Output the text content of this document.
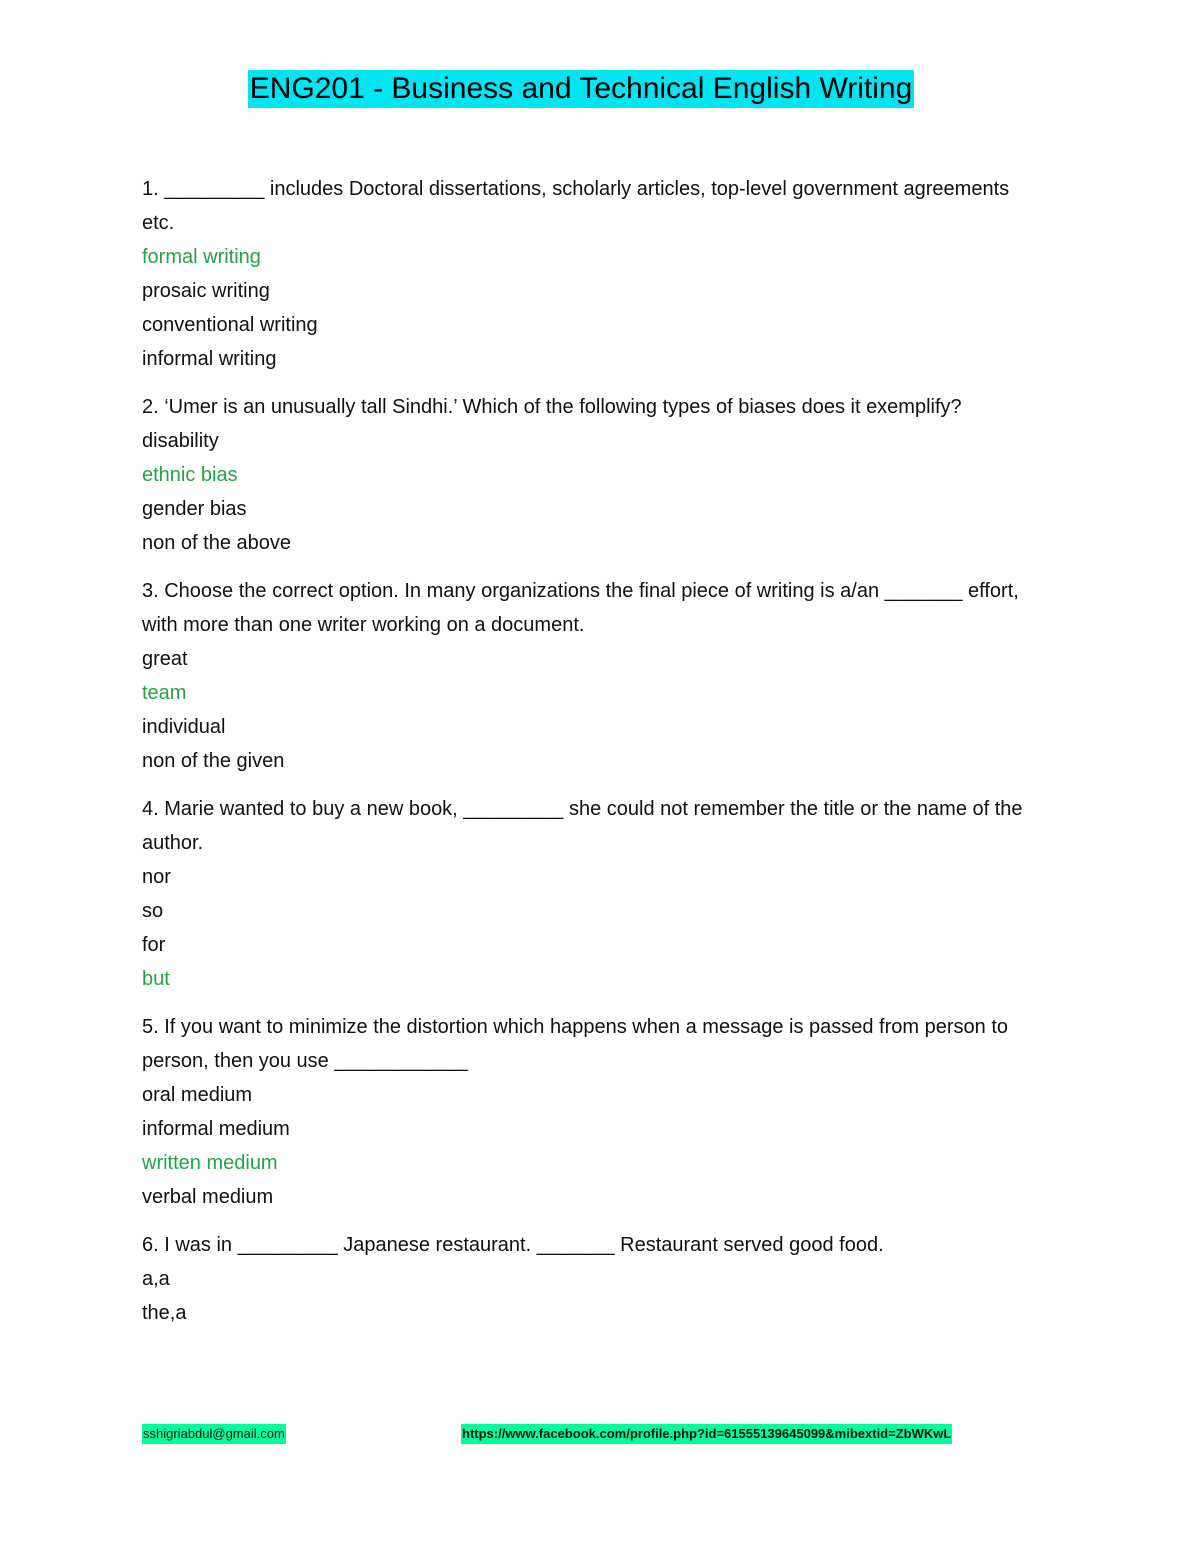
ENG201 - Business and Technical English Writing

1. _________ includes Doctoral dissertations, scholarly articles, top-level government agreements etc.

formal writing

prosaic writing

conventional writing

informal writing

2. ‘Umer is an unusually tall Sindhi.’ Which of the following types of biases does it exemplify?

disability

ethnic bias

gender bias

non of the above

3. Choose the correct option. In many organizations the final piece of writing is a/an _______ effort, with more than one writer working on a document.

great

team

individual

non of the given

4. Marie wanted to buy a new book, _________ she could not remember the title or the name of the author.

nor

so

for

but

5. If you want to minimize the distortion which happens when a message is passed from person to person, then you use ____________

oral medium

informal medium

written medium

verbal medium

6. I was in _________ Japanese restaurant. _______ Restaurant served good food.

a,a

the,a

sshigriabdul@gmail.com	https://www.facebook.com/profile.php?id=61555139645099&mibextid=ZbWKwL
